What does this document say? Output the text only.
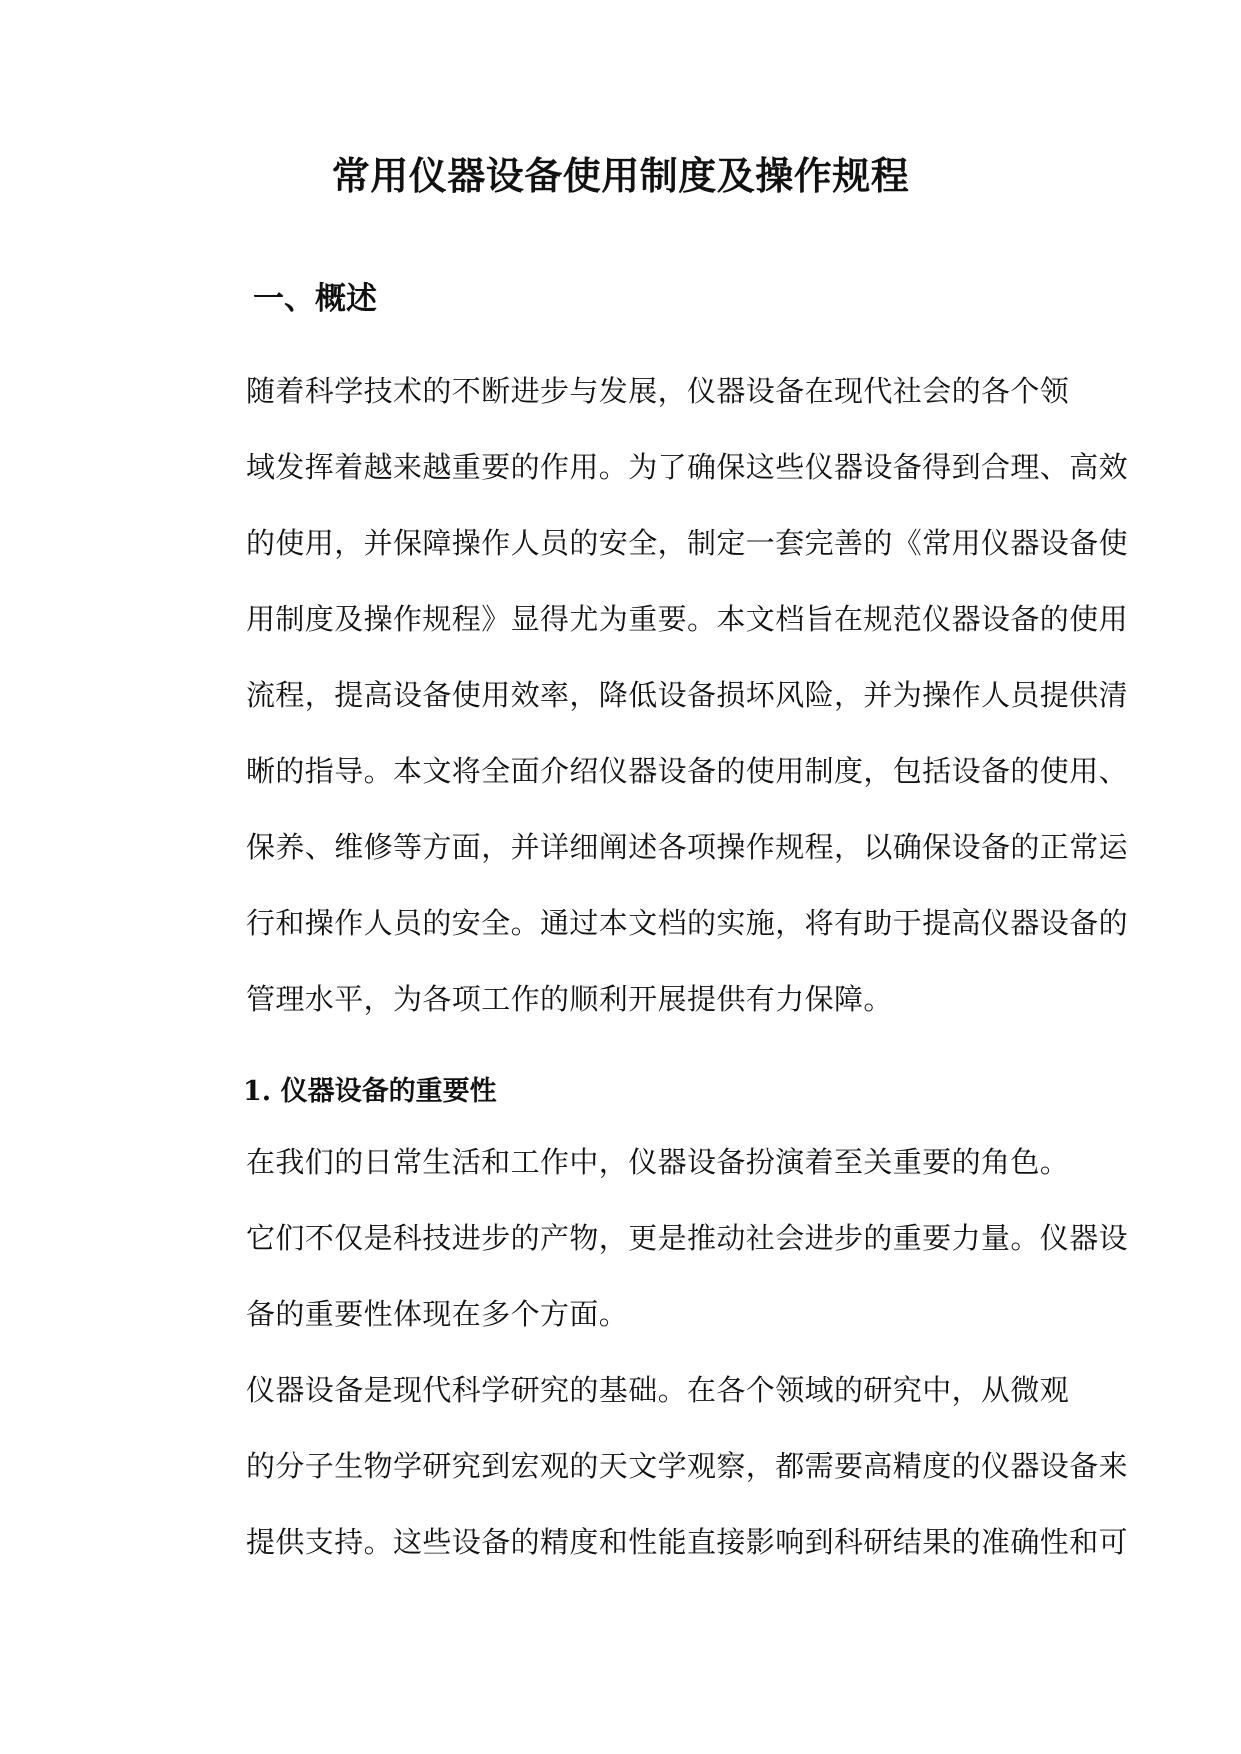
常用仪器设备使用制度及操作规程
一、概述

随着科学技术的不断进步与发展，仪器设备在现代社会的各个领
域发挥着越来越重要的作用。为了确保这些仪器设备得到合理、高效
的使用，并保障操作人员的安全，制定一套完善的《常用仪器设备使
用制度及操作规程》显得尤为重要。本文档旨在规范仪器设备的使用
流程，提高设备使用效率，降低设备损坏风险，并为操作人员提供清
晰的指导。本文将全面介绍仪器设备的使用制度，包括设备的使用、
保养、维修等方面，并详细阐述各项操作规程，以确保设备的正常运
行和操作人员的安全。通过本文档的实施，将有助于提高仪器设备的
管理水平，为各项工作的顺利开展提供有力保障。

1. 仪器设备的重要性

在我们的日常生活和工作中，仪器设备扮演着至关重要的角色。
它们不仅是科技进步的产物，更是推动社会进步的重要力量。仪器设
备的重要性体现在多个方面。

仪器设备是现代科学研究的基础。在各个领域的研究中，从微观
的分子生物学研究到宏观的天文学观察，都需要高精度的仪器设备来
提供支持。这些设备的精度和性能直接影响到科研结果的准确性和可
